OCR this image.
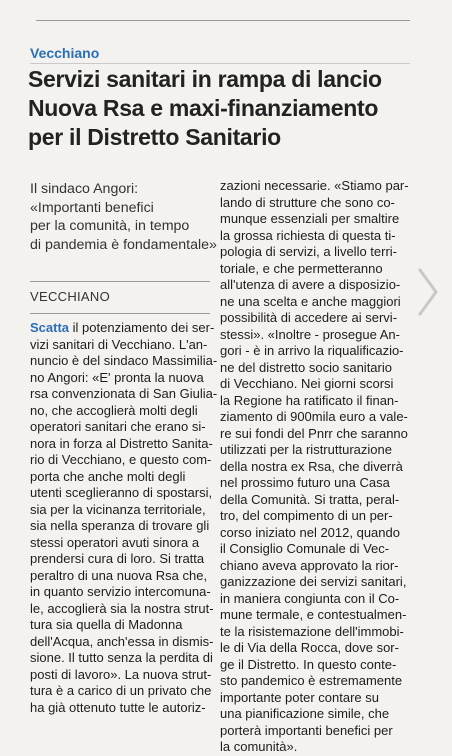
Vecchiano
Servizi sanitari in rampa di lancio
Nuova Rsa e maxi-finanziamento
per il Distretto Sanitario
Il sindaco Angori:
«Importanti benefici
per la comunità, in tempo
di pandemia è fondamentale»
VECCHIANO
Scatta il potenziamento dei ser-
vizi sanitari di Vecchiano. L'an-
nuncio è del sindaco Massimilia-
no Angori: «E' pronta la nuova
rsa convenzionata di San Giulia-
no, che accoglierà molti degli
operatori sanitari che erano si-
nora in forza al Distretto Sanita-
rio di Vecchiano, e questo com-
porta che anche molti degli
utenti sceglieranno di spostarsi,
sia per la vicinanza territoriale,
sia nella speranza di trovare gli
stessi operatori avuti sinora a
prendersi cura di loro. Si tratta
peraltro di una nuova Rsa che,
in quanto servizio intercomuna-
le, accoglierà sia la nostra strut-
tura sia quella di Madonna
dell'Acqua, anch'essa in dismis-
sione. Il tutto senza la perdita di
posti di lavoro». La nuova strut-
tura è a carico di un privato che
ha già ottenuto tutte le autoriz-
zazioni necessarie. «Stiamo par-
lando di strutture che sono co-
munque essenziali per smaltire
la grossa richiesta di questa ti-
pologia di servizi, a livello terri-
toriale, e che permetteranno
all'utenza di avere a disposizio-
ne una scelta e anche maggiori
possibilità di accedere ai servi-
stessi». «Inoltre - prosegue An-
gori - è in arrivo la riqualificazio-
ne del distretto socio sanitario
di Vecchiano. Nei giorni scorsi
la Regione ha ratificato il finan-
ziamento di 900mila euro a vale-
re sui fondi del Pnrr che saranno
utilizzati per la ristrutturazione
della nostra ex Rsa, che diverrà
nel prossimo futuro una Casa
della Comunità. Si tratta, peral-
tro, del compimento di un per-
corso iniziato nel 2012, quando
il Consiglio Comunale di Vec-
chiano aveva approvato la rior-
ganizzazione dei servizi sanitari,
in maniera congiunta con il Co-
mune termale, e contestualmen-
te la risistemazione dell'immobi-
le di Via della Rocca, dove sor-
ge il Distretto. In questo conte-
sto pandemico è estremamente
importante poter contare su
una pianificazione simile, che
porterà importanti benefici per
la comunità».
